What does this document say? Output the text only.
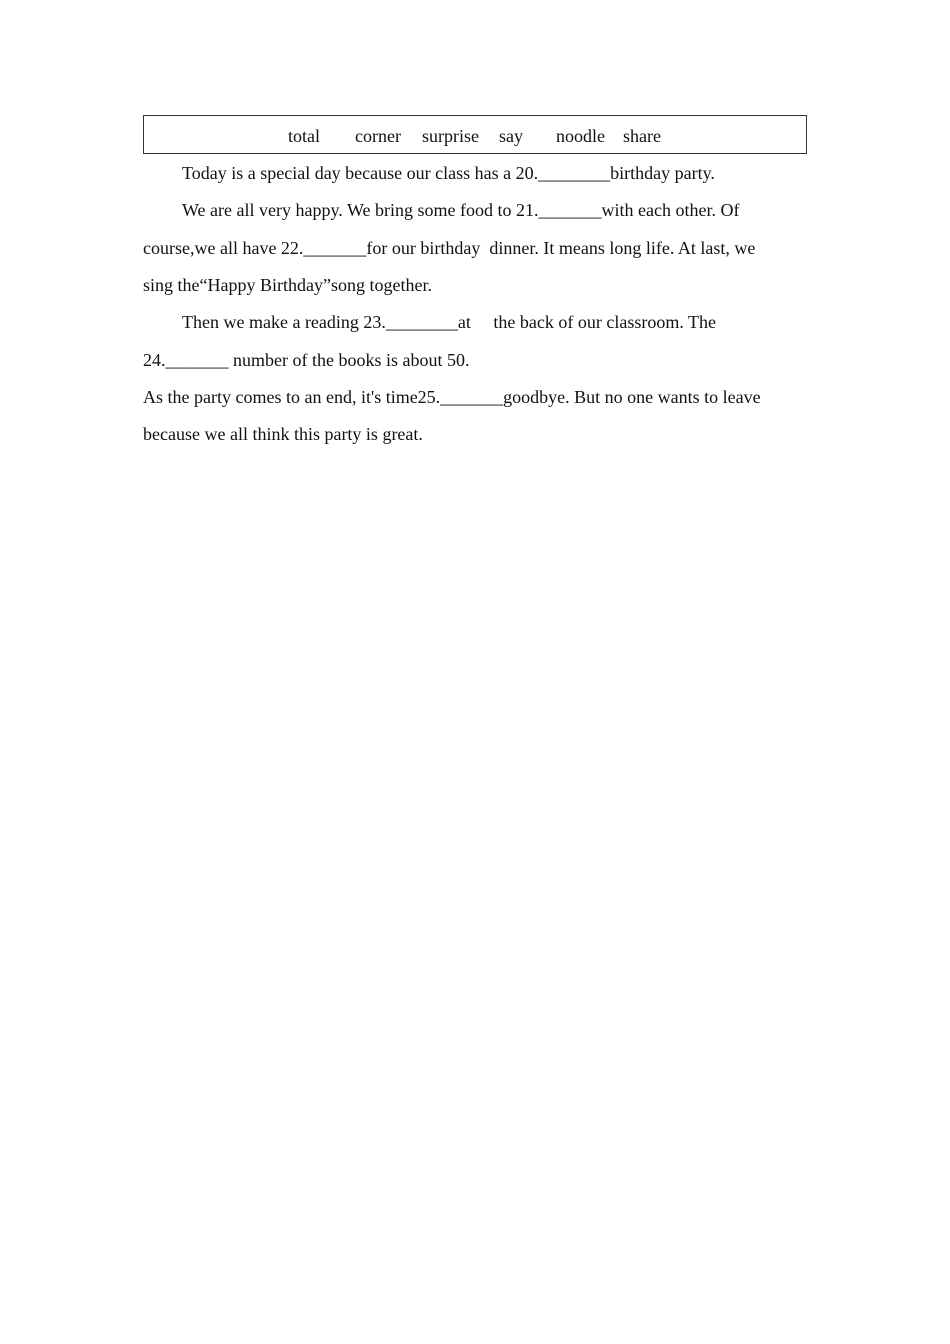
total corner surprise say noodle share
Today is a special day because our class has a 20.________birthday party.
We are all very happy. We bring some food to 21._______with each other. Of
course,we all have 22._______for our birthday  dinner. It means long life. At last, we
sing the“Happy Birthday”song together.
Then we make a reading 23.________at     the back of our classroom. The
24._______ number of the books is about 50.
As the party comes to an end, it's time25._______goodbye. But no one wants to leave
because we all think this party is great.
